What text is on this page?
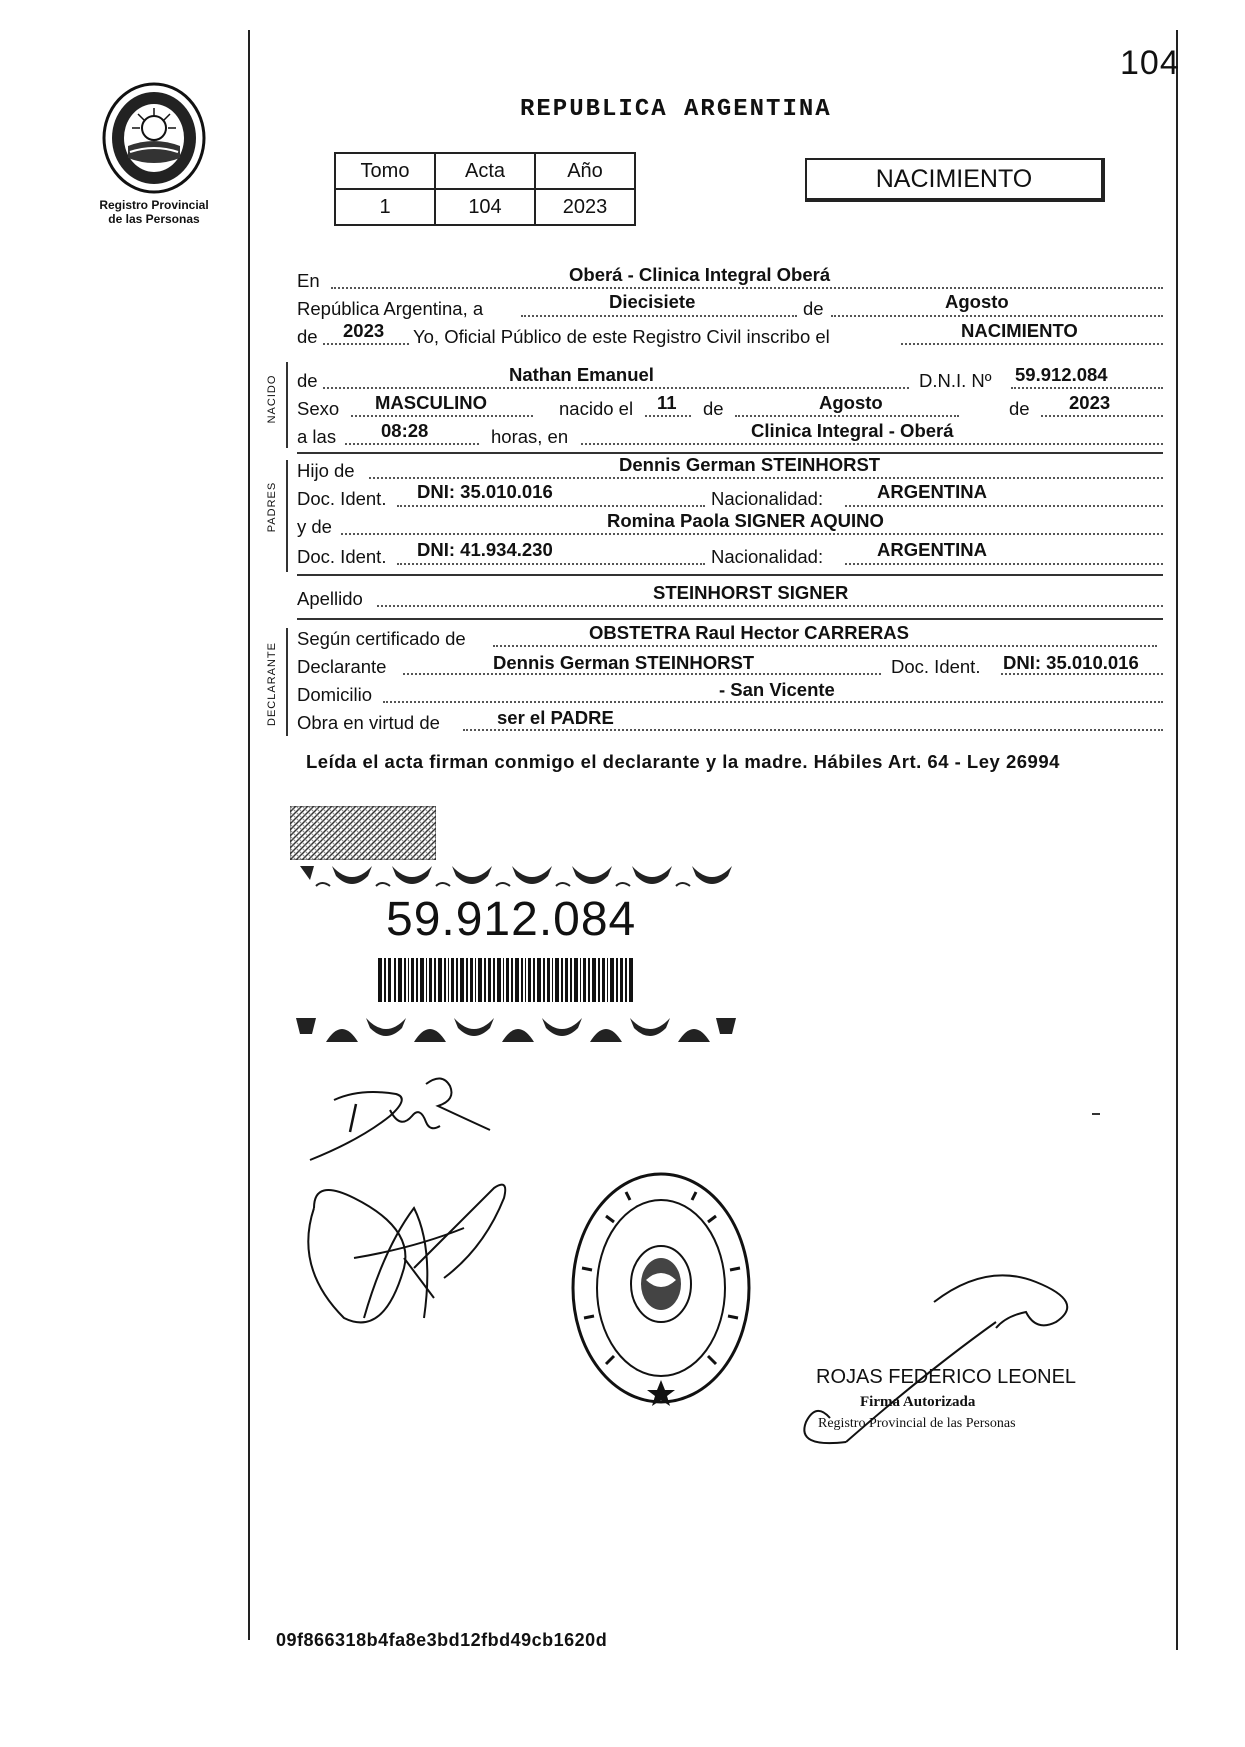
104
Registro Provincial
de las Personas
REPUBLICA ARGENTINA
Tomo	Acta	Año
1	104	2023
NACIMIENTO
En	Oberá - Clinica Integral Oberá
República Argentina, a	Diecisiete	de	Agosto
de 2023 Yo, Oficial Público de este Registro Civil inscribo el	NACIMIENTO
NACIDO de	Nathan Emanuel	D.N.I. Nº 59.912.084
Sexo MASCULINO	nacido el 11 de	Agosto	de 2023
a las 08:28	horas, en	Clinica Integral - Oberá
PADRES
Hijo de	Dennis German STEINHORST
Doc. Ident. DNI: 35.010.016	Nacionalidad:	ARGENTINA
y de	Romina Paola SIGNER AQUINO
Doc. Ident. DNI: 41.934.230	Nacionalidad:	ARGENTINA
Apellido	STEINHORST SIGNER
DECLARANTE
Según certificado de	OBSTETRA Raul Hector CARRERAS
Declarante	Dennis German STEINHORST	Doc. Ident. DNI: 35.010.016
Domicilio	- San Vicente
Obra en virtud de	ser el PADRE
Leída el acta firman conmigo el declarante y la madre. Hábiles Art. 64 - Ley 26994
59.912.084
ROJAS FEDERICO LEONEL
Firma Autorizada
Registro Provincial de las Personas
09f866318b4fa8e3bd12fbd49cb1620d
